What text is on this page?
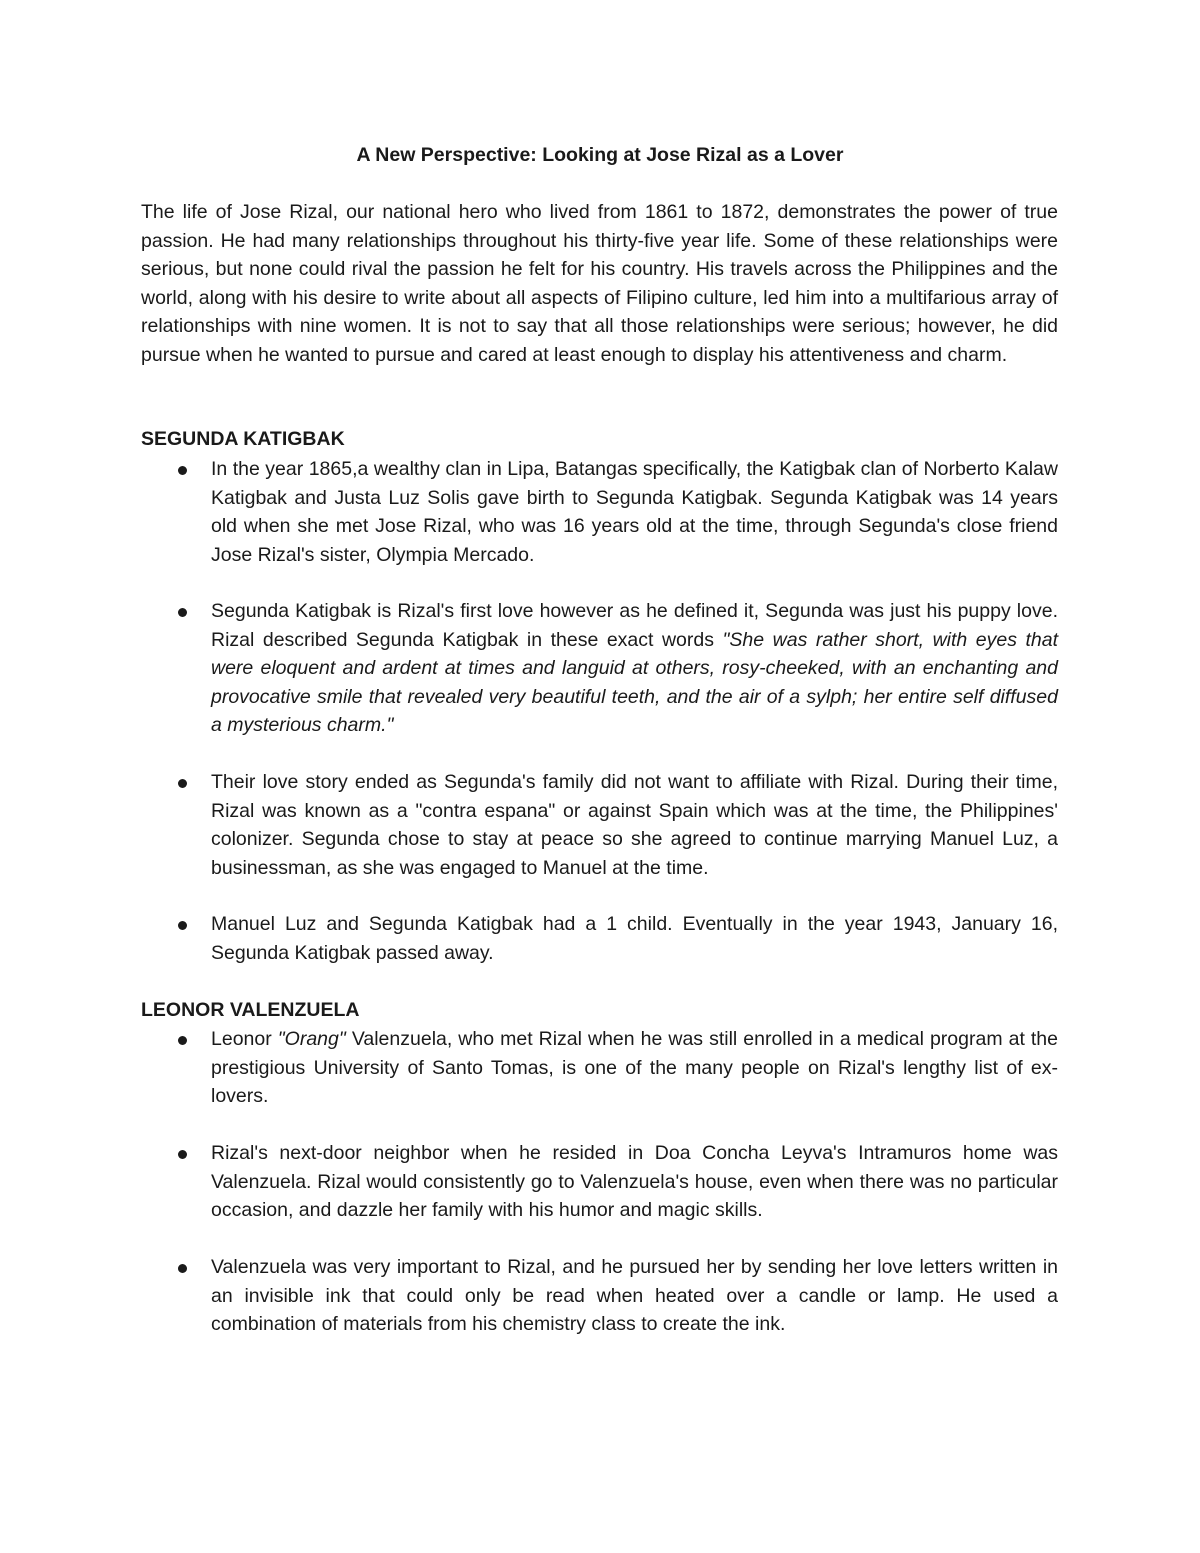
A New Perspective: Looking at Jose Rizal as a Lover

The life of Jose Rizal, our national hero who lived from 1861 to 1872, demonstrates the power of true passion. He had many relationships throughout his thirty-five year life. Some of these relationships were serious, but none could rival the passion he felt for his country. His travels across the Philippines and the world, along with his desire to write about all aspects of Filipino culture, led him into a multifarious array of relationships with nine women. It is not to say that all those relationships were serious; however, he did pursue when he wanted to pursue and cared at least enough to display his attentiveness and charm.

SEGUNDA KATIGBAK

In the year 1865,a wealthy clan in Lipa, Batangas specifically, the Katigbak clan of Norberto Kalaw Katigbak and Justa Luz Solis gave birth to Segunda Katigbak. Segunda Katigbak was 14 years old when she met Jose Rizal, who was 16 years old at the time, through Segunda's close friend Jose Rizal's sister, Olympia Mercado.

Segunda Katigbak is Rizal's first love however as he defined it, Segunda was just his puppy love. Rizal described Segunda Katigbak in these exact words "She was rather short, with eyes that were eloquent and ardent at times and languid at others, rosy-cheeked, with an enchanting and provocative smile that revealed very beautiful teeth, and the air of a sylph; her entire self diffused a mysterious charm."

Their love story ended as Segunda's family did not want to affiliate with Rizal. During their time, Rizal was known as a "contra espana" or against Spain which was at the time, the Philippines' colonizer. Segunda chose to stay at peace so she agreed to continue marrying Manuel Luz, a businessman, as she was engaged to Manuel at the time.

Manuel Luz and Segunda Katigbak had a 1 child. Eventually in the year 1943, January 16, Segunda Katigbak passed away.

LEONOR VALENZUELA

Leonor "Orang" Valenzuela, who met Rizal when he was still enrolled in a medical program at the prestigious University of Santo Tomas, is one of the many people on Rizal's lengthy list of ex-lovers.

Rizal's next-door neighbor when he resided in Doa Concha Leyva's Intramuros home was Valenzuela. Rizal would consistently go to Valenzuela's house, even when there was no particular occasion, and dazzle her family with his humor and magic skills.

Valenzuela was very important to Rizal, and he pursued her by sending her love letters written in an invisible ink that could only be read when heated over a candle or lamp. He used a combination of materials from his chemistry class to create the ink.
